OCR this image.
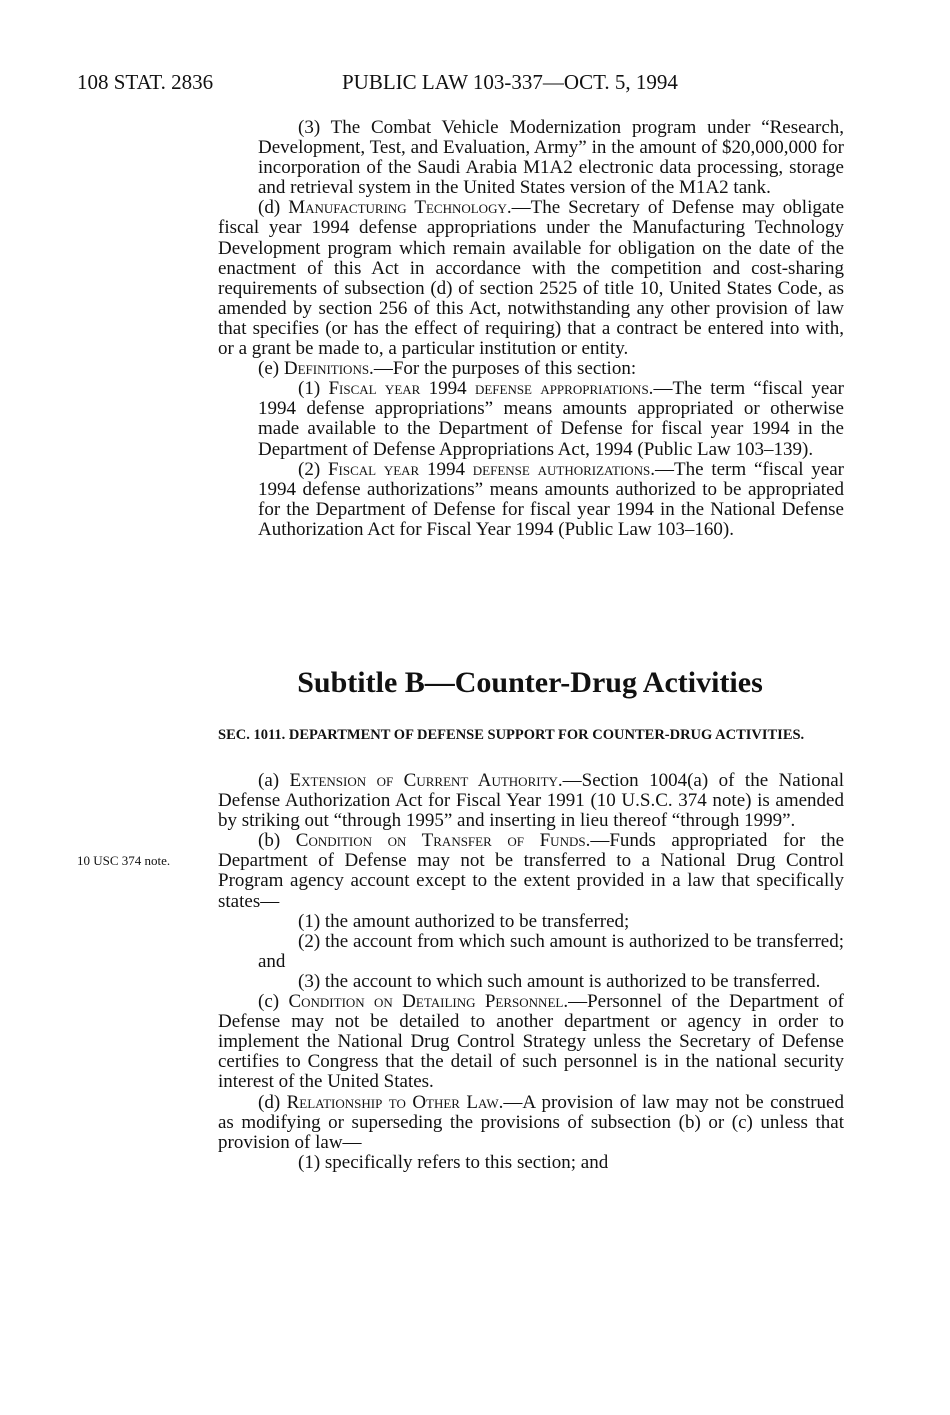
108 STAT. 2836	PUBLIC LAW 103-337—OCT. 5, 1994

(3) The Combat Vehicle Modernization program under “Research, Development, Test, and Evaluation, Army” in the amount of $20,000,000 for incorporation of the Saudi Arabia M1A2 electronic data processing, storage and retrieval system in the United States version of the M1A2 tank.

(d) Manufacturing Technology.—The Secretary of Defense may obligate fiscal year 1994 defense appropriations under the Manufacturing Technology Development program which remain available for obligation on the date of the enactment of this Act in accordance with the competition and cost-sharing requirements of subsection (d) of section 2525 of title 10, United States Code, as amended by section 256 of this Act, notwithstanding any other provision of law that specifies (or has the effect of requiring) that a contract be entered into with, or a grant be made to, a particular institution or entity.

(e) Definitions.—For the purposes of this section:

(1) Fiscal year 1994 defense appropriations.—The term “fiscal year 1994 defense appropriations” means amounts appropriated or otherwise made available to the Department of Defense for fiscal year 1994 in the Department of Defense Appropriations Act, 1994 (Public Law 103–139).

(2) Fiscal year 1994 defense authorizations.—The term “fiscal year 1994 defense authorizations” means amounts authorized to be appropriated for the Department of Defense for fiscal year 1994 in the National Defense Authorization Act for Fiscal Year 1994 (Public Law 103–160).

Subtitle B—Counter-Drug Activities
SEC. 1011. DEPARTMENT OF DEFENSE SUPPORT FOR COUNTER-DRUG ACTIVITIES.
10 USC 374 note.

(a) Extension of Current Authority.—Section 1004(a) of the National Defense Authorization Act for Fiscal Year 1991 (10 U.S.C. 374 note) is amended by striking out “through 1995” and inserting in lieu thereof “through 1999”.

(b) Condition on Transfer of Funds.—Funds appropriated for the Department of Defense may not be transferred to a National Drug Control Program agency account except to the extent provided in a law that specifically states—

(1) the amount authorized to be transferred;

(2) the account from which such amount is authorized to be transferred; and

(3) the account to which such amount is authorized to be transferred.

(c) Condition on Detailing Personnel.—Personnel of the Department of Defense may not be detailed to another department or agency in order to implement the National Drug Control Strategy unless the Secretary of Defense certifies to Congress that the detail of such personnel is in the national security interest of the United States.

(d) Relationship to Other Law.—A provision of law may not be construed as modifying or superseding the provisions of subsection (b) or (c) unless that provision of law—

(1) specifically refers to this section; and
